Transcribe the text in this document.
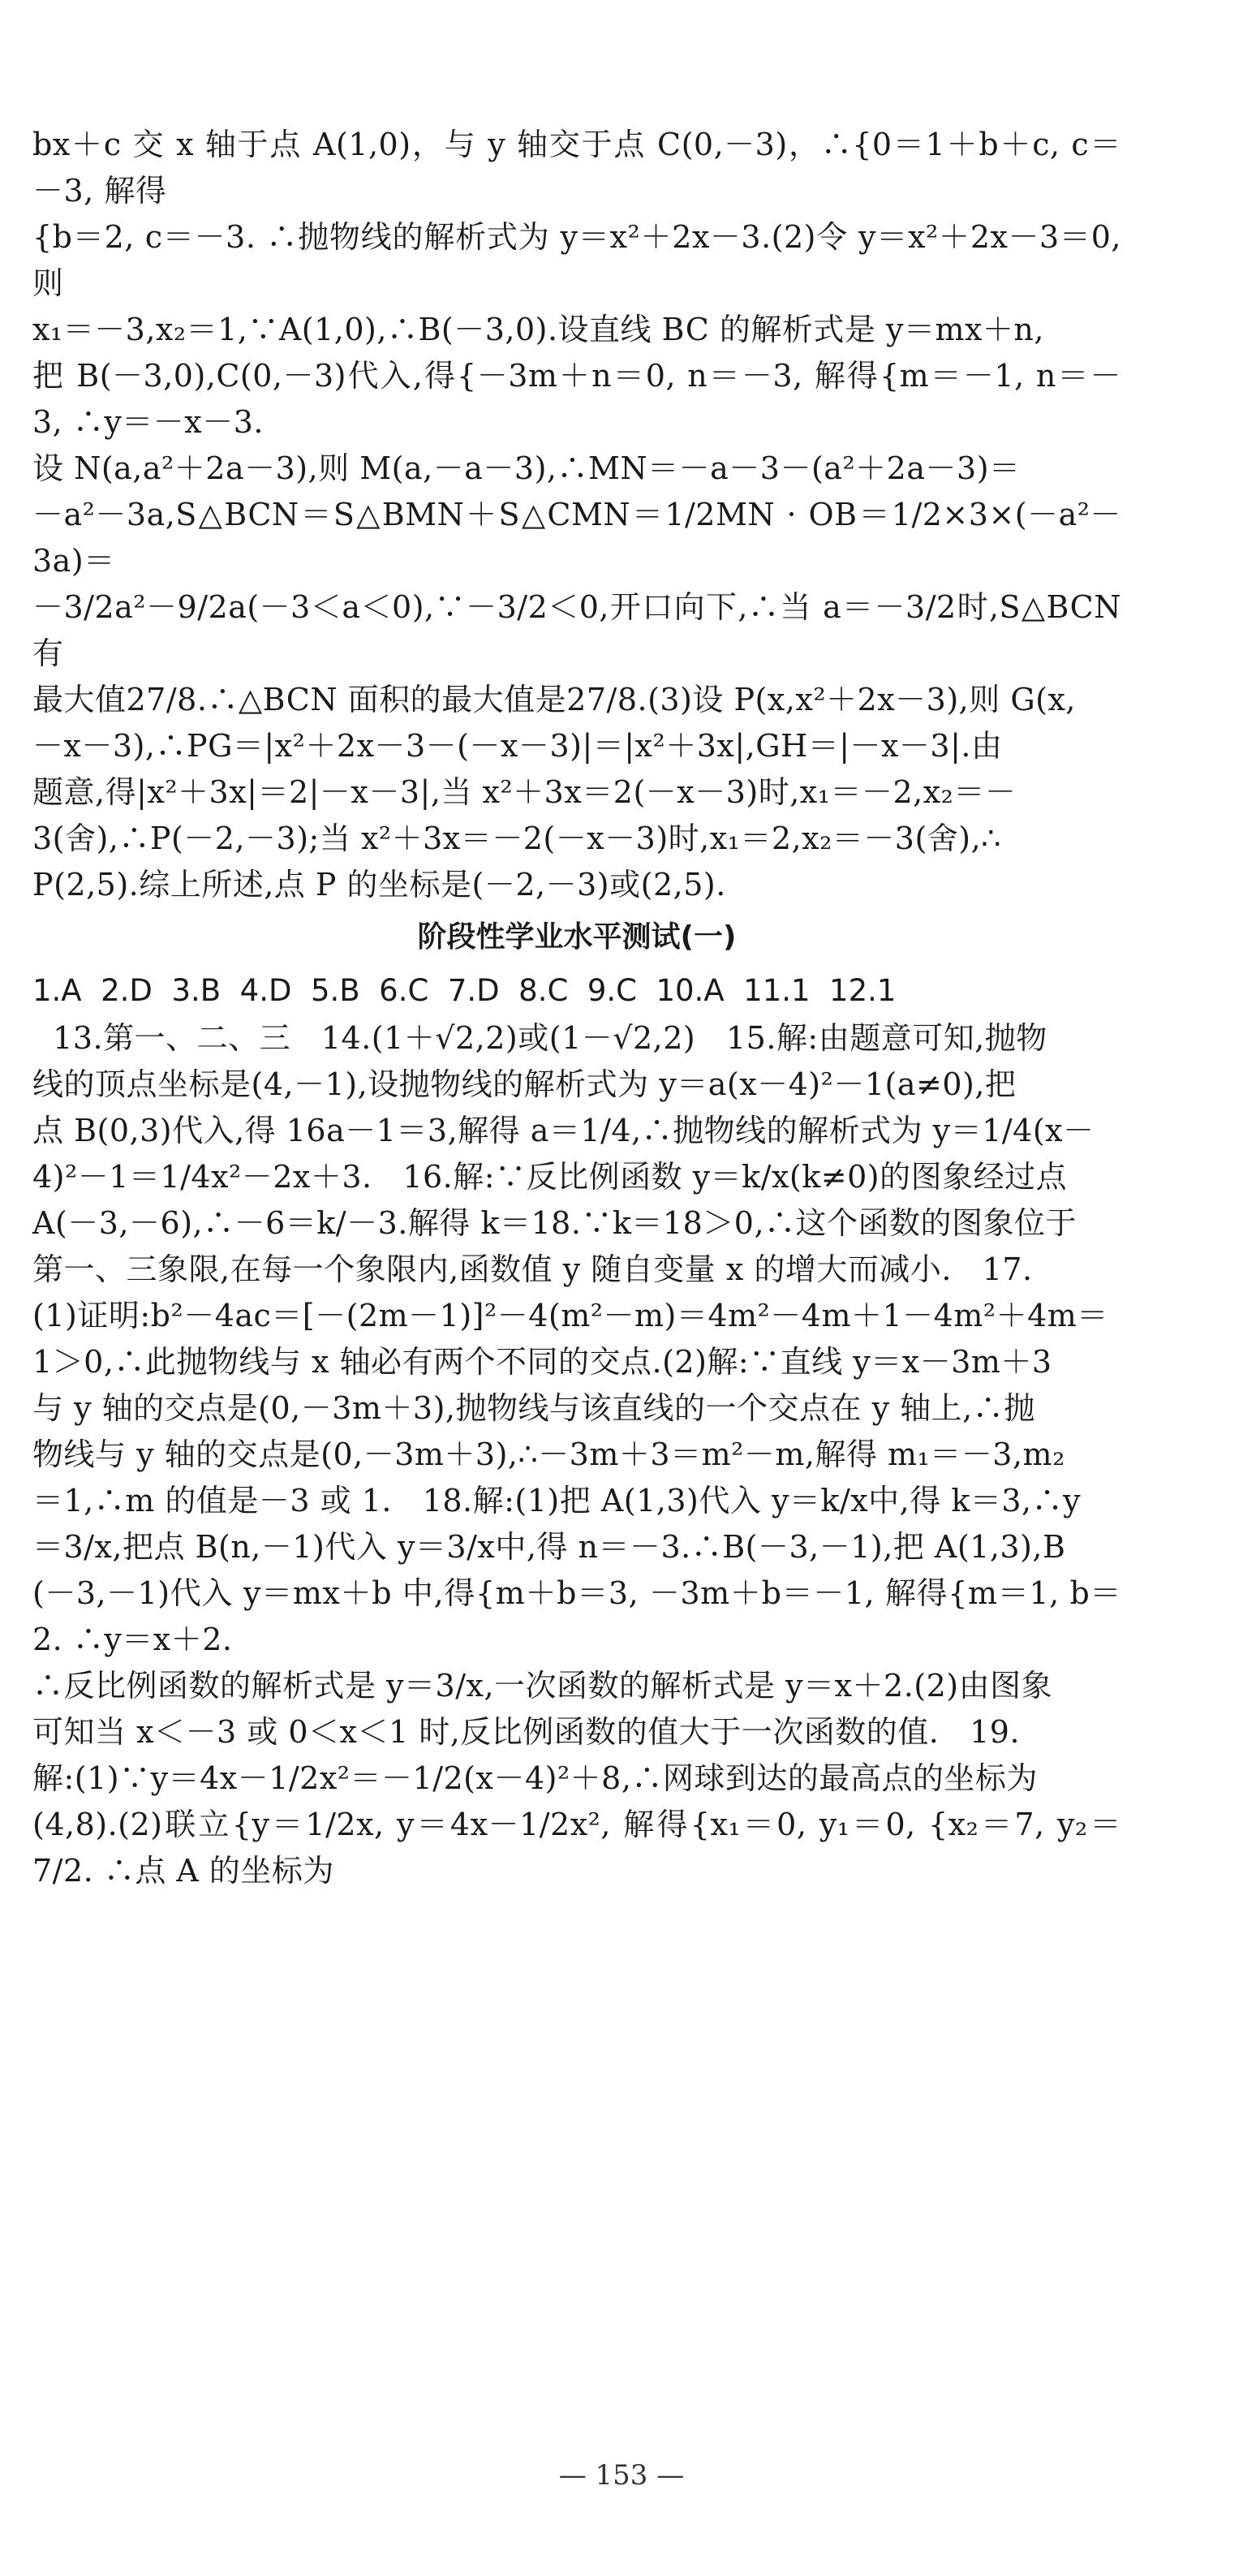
bx＋c 交 x 轴于点 A(1,0)，与 y 轴交于点 C(0,－3)，∴{0＝1＋b＋c, c＝－3, 解得

{b＝2, c＝－3. ∴抛物线的解析式为 y＝x²＋2x－3.(2)令 y＝x²＋2x－3＝0,则

x₁＝－3,x₂＝1,∵A(1,0),∴B(－3,0).设直线 BC 的解析式是 y＝mx＋n,

把 B(－3,0),C(0,－3)代入,得{－3m＋n＝0, n＝－3, 解得{m＝－1, n＝－3, ∴y＝－x－3.

设 N(a,a²＋2a－3),则 M(a,－a－3),∴MN＝－a－3－(a²＋2a－3)＝

－a²－3a,S△BCN＝S△BMN＋S△CMN＝1/2MN · OB＝1/2×3×(－a²－3a)＝

－3/2a²－9/2a(－3＜a＜0),∵－3/2＜0,开口向下,∴当 a＝－3/2时,S△BCN有

最大值27/8.∴△BCN 面积的最大值是27/8.(3)设 P(x,x²＋2x－3),则 G(x,

－x－3),∴PG＝|x²＋2x－3－(－x－3)|＝|x²＋3x|,GH＝|－x－3|.由

题意,得|x²＋3x|＝2|－x－3|,当 x²＋3x＝2(－x－3)时,x₁＝－2,x₂＝－

3(舍),∴P(－2,－3);当 x²＋3x＝－2(－x－3)时,x₁＝2,x₂＝－3(舍),∴

P(2,5).综上所述,点 P 的坐标是(－2,－3)或(2,5).

阶段性学业水平测试(一)

1.A  2.D  3.B  4.D  5.B  6.C  7.D  8.C  9.C  10.A  11.1  12.1

13.第一、二、三   14.(1＋√2,2)或(1－√2,2)   15.解:由题意可知,抛物

线的顶点坐标是(4,－1),设抛物线的解析式为 y＝a(x－4)²－1(a≠0),把

点 B(0,3)代入,得 16a－1＝3,解得 a＝1/4,∴抛物线的解析式为 y＝1/4(x－

4)²－1＝1/4x²－2x＋3.   16.解:∵反比例函数 y＝k/x(k≠0)的图象经过点

A(－3,－6),∴－6＝k/－3.解得 k＝18.∵k＝18＞0,∴这个函数的图象位于

第一、三象限,在每一个象限内,函数值 y 随自变量 x 的增大而减小.   17.

(1)证明:b²－4ac＝[－(2m－1)]²－4(m²－m)＝4m²－4m＋1－4m²＋4m＝

1＞0,∴此抛物线与 x 轴必有两个不同的交点.(2)解:∵直线 y＝x－3m＋3

与 y 轴的交点是(0,－3m＋3),抛物线与该直线的一个交点在 y 轴上,∴抛

物线与 y 轴的交点是(0,－3m＋3),∴－3m＋3＝m²－m,解得 m₁＝－3,m₂

＝1,∴m 的值是－3 或 1.   18.解:(1)把 A(1,3)代入 y＝k/x中,得 k＝3,∴y

＝3/x,把点 B(n,－1)代入 y＝3/x中,得 n＝－3.∴B(－3,－1),把 A(1,3),B

(－3,－1)代入 y＝mx＋b 中,得{m＋b＝3, －3m＋b＝－1, 解得{m＝1, b＝2. ∴y＝x＋2.

∴反比例函数的解析式是 y＝3/x,一次函数的解析式是 y＝x＋2.(2)由图象

可知当 x＜－3 或 0＜x＜1 时,反比例函数的值大于一次函数的值.   19.

解:(1)∵y＝4x－1/2x²＝－1/2(x－4)²＋8,∴网球到达的最高点的坐标为

(4,8).(2)联立{y＝1/2x, y＝4x－1/2x², 解得{x₁＝0, y₁＝0, {x₂＝7, y₂＝7/2. ∴点 A 的坐标为

— 153 —
